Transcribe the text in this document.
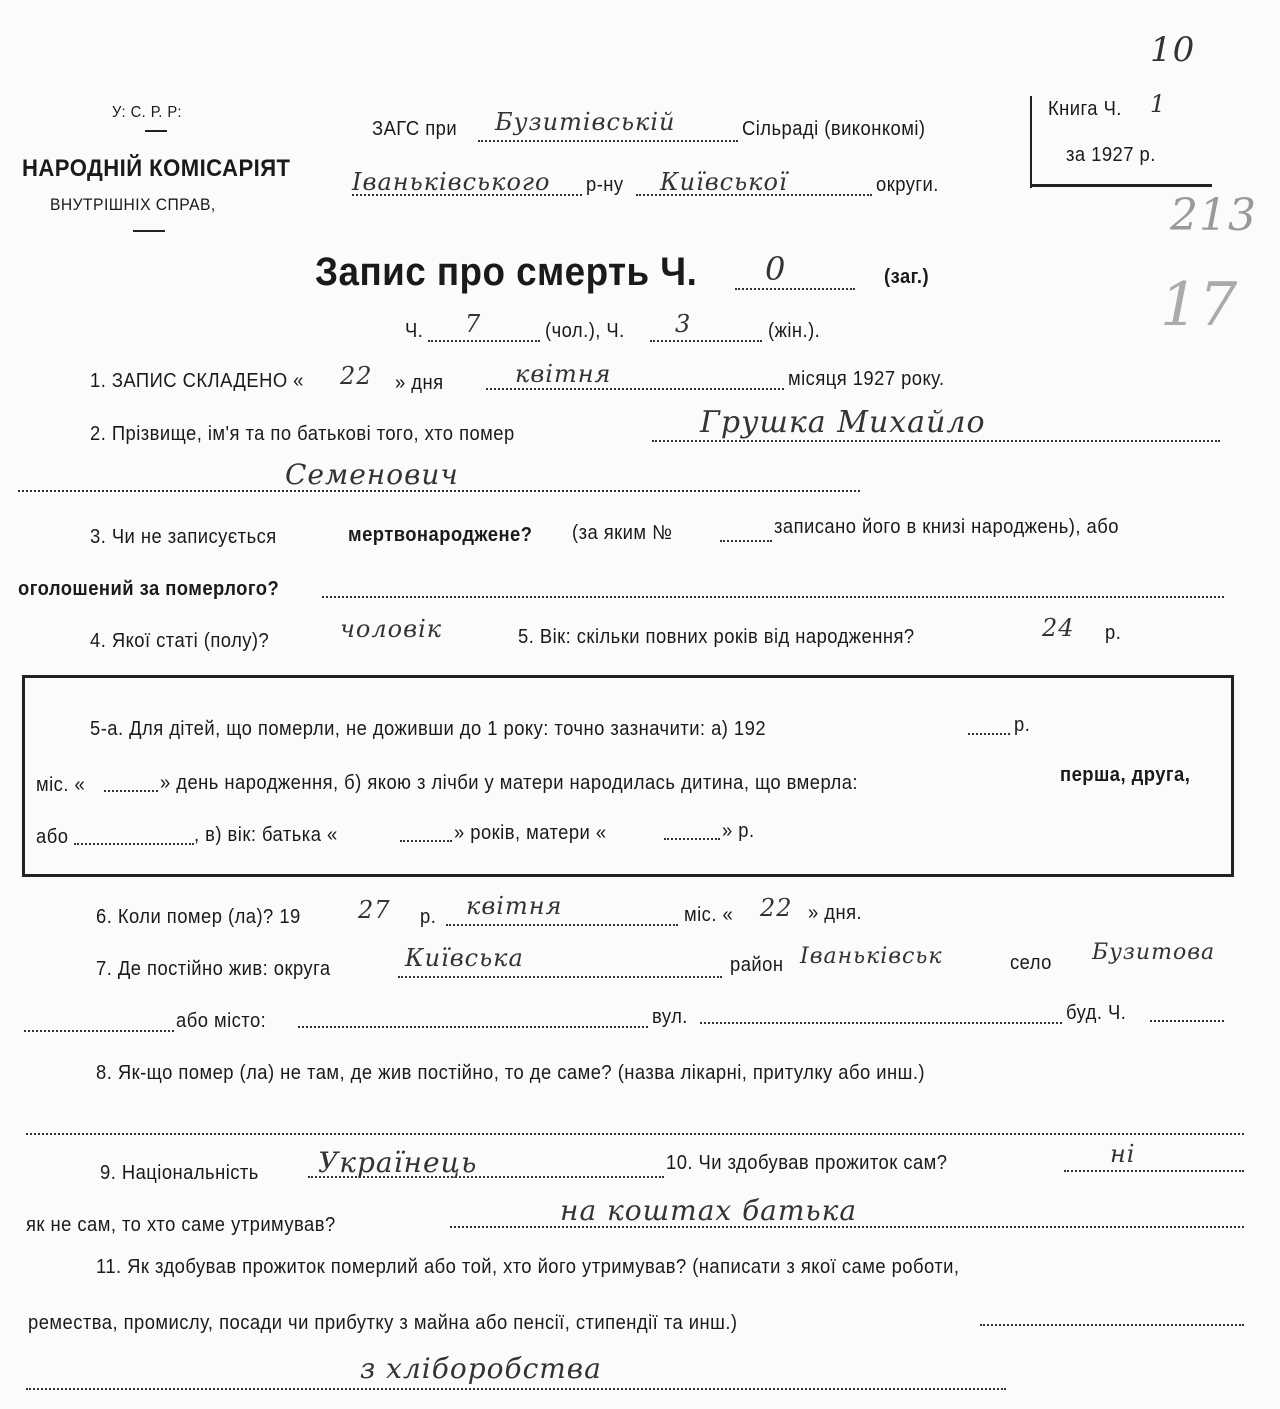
10
У: С. Р. Р:
НАРОДНІЙ КОМІСАРІЯТ
ВНУТРІШНІХ СПРАВ,
ЗАГС при Бузитівській	Сільраді (виконкомі)
Іваньківського р-ну Київської	округи.
Книга Ч. 1
за 1927 р.
213
17
Запис про смерть Ч. 0	(заг.)
Ч. 7	(чол.), Ч. 3	(жін.).
1. ЗАПИС СКЛАДЕНО « 22 » дня	квітня	місяця 1927 року.
2. Прізвище, ім'я та по батькові того, хто помер	Грушка Михайло
Семенович
3. Чи не записується	мертвонароджене? (за яким №	записано його в книзі народжень), або
оголошений за померлого?
4. Якої статі (полу)?	чоловік	5. Вік: скільки повних років від народження?	24 р.
5-а. Для дітей, що померли, не доживши до 1 року: точно зазначити: а) 192	р.
міс. «	» день народження, б) якою з лічби у матери народилась дитина, що вмерла:	перша, друга,
або	, в) вік: батька «	» років, матери «	» р.
6. Коли помер (ла)? 19 27 р. квітня	міс. « 22 » дня.
7. Де постійно жив: округа	Київська	район Іваньківськ	село Бузитова
або місто:	вул.	буд. Ч.
8. Як-що помер (ла) не там, де жив постійно, то де саме? (назва лікарні, притулку або инш.)
9. Національність Українець	10. Чи здобував прожиток сам?	ні
як не сам, то хто саме утримував?	на коштах батька
11. Як здобував прожиток померлий або той, хто його утримував? (написати з якої саме роботи,
ремества, промислу, посади чи прибутку з майна або пенсії, стипендії та инш.)
з хліборобства
